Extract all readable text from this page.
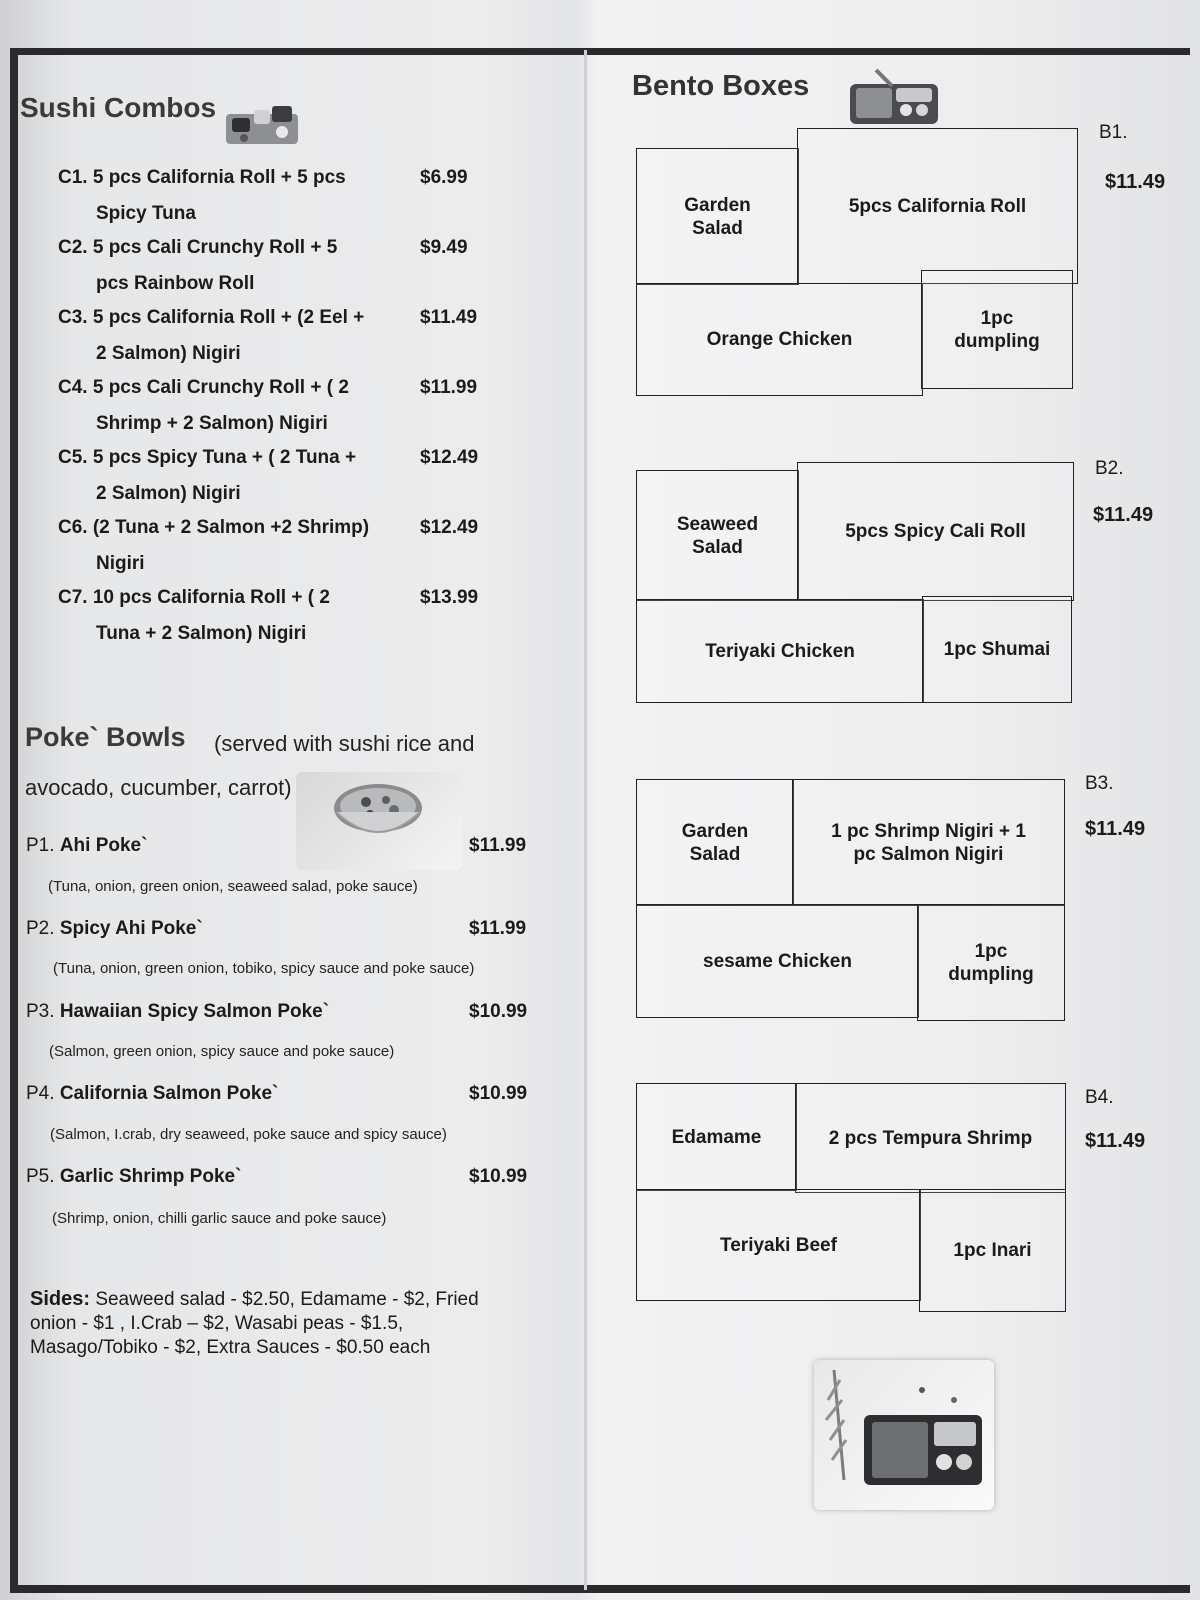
Sushi Combos
C1. 5 pcs California Roll + 5 pcs
Spicy Tuna
$6.99
C2. 5 pcs Cali Crunchy Roll + 5
pcs Rainbow Roll
$9.49
C3. 5 pcs California Roll + (2 Eel +
2 Salmon) Nigiri
$11.49
C4. 5 pcs Cali Crunchy Roll + ( 2
Shrimp + 2 Salmon) Nigiri
$11.99
C5. 5 pcs Spicy Tuna + ( 2 Tuna +
2 Salmon) Nigiri
$12.49
C6. (2 Tuna + 2 Salmon +2 Shrimp)
Nigiri
$12.49
C7. 10 pcs California Roll + ( 2
Tuna + 2 Salmon) Nigiri
$13.99
Poke` Bowls (served with sushi rice and
avocado, cucumber, carrot)
P1. Ahi Poke`	$11.99
(Tuna, onion, green onion, seaweed salad, poke sauce)
P2. Spicy Ahi Poke`	$11.99
(Tuna, onion, green onion, tobiko, spicy sauce and poke sauce)
P3. Hawaiian Spicy Salmon Poke`	$10.99
(Salmon, green onion, spicy sauce and poke sauce)
P4. California Salmon Poke`	$10.99
(Salmon, I.crab, dry seaweed, poke sauce and spicy sauce)
P5. Garlic Shrimp Poke`	$10.99
(Shrimp, onion, chilli garlic sauce and poke sauce)
Sides: Seaweed salad - $2.50, Edamame - $2, Fried onion - $1 , I.Crab – $2, Wasabi peas - $1.5, Masago/Tobiko - $2, Extra Sauces - $0.50 each
Bento Boxes
Garden
Salad
5pcs California Roll
Orange Chicken
1pc
dumpling
B1.
$11.49
Seaweed
Salad
5pcs Spicy Cali Roll
Teriyaki Chicken	1pc Shumai
B2.
$11.49
Garden
Salad
1 pc Shrimp Nigiri + 1
pc Salmon Nigiri
sesame Chicken	1pc
dumpling
B3.
$11.49
Edamame	2 pcs Tempura Shrimp
Teriyaki Beef	1pc Inari
B4.
$11.49
